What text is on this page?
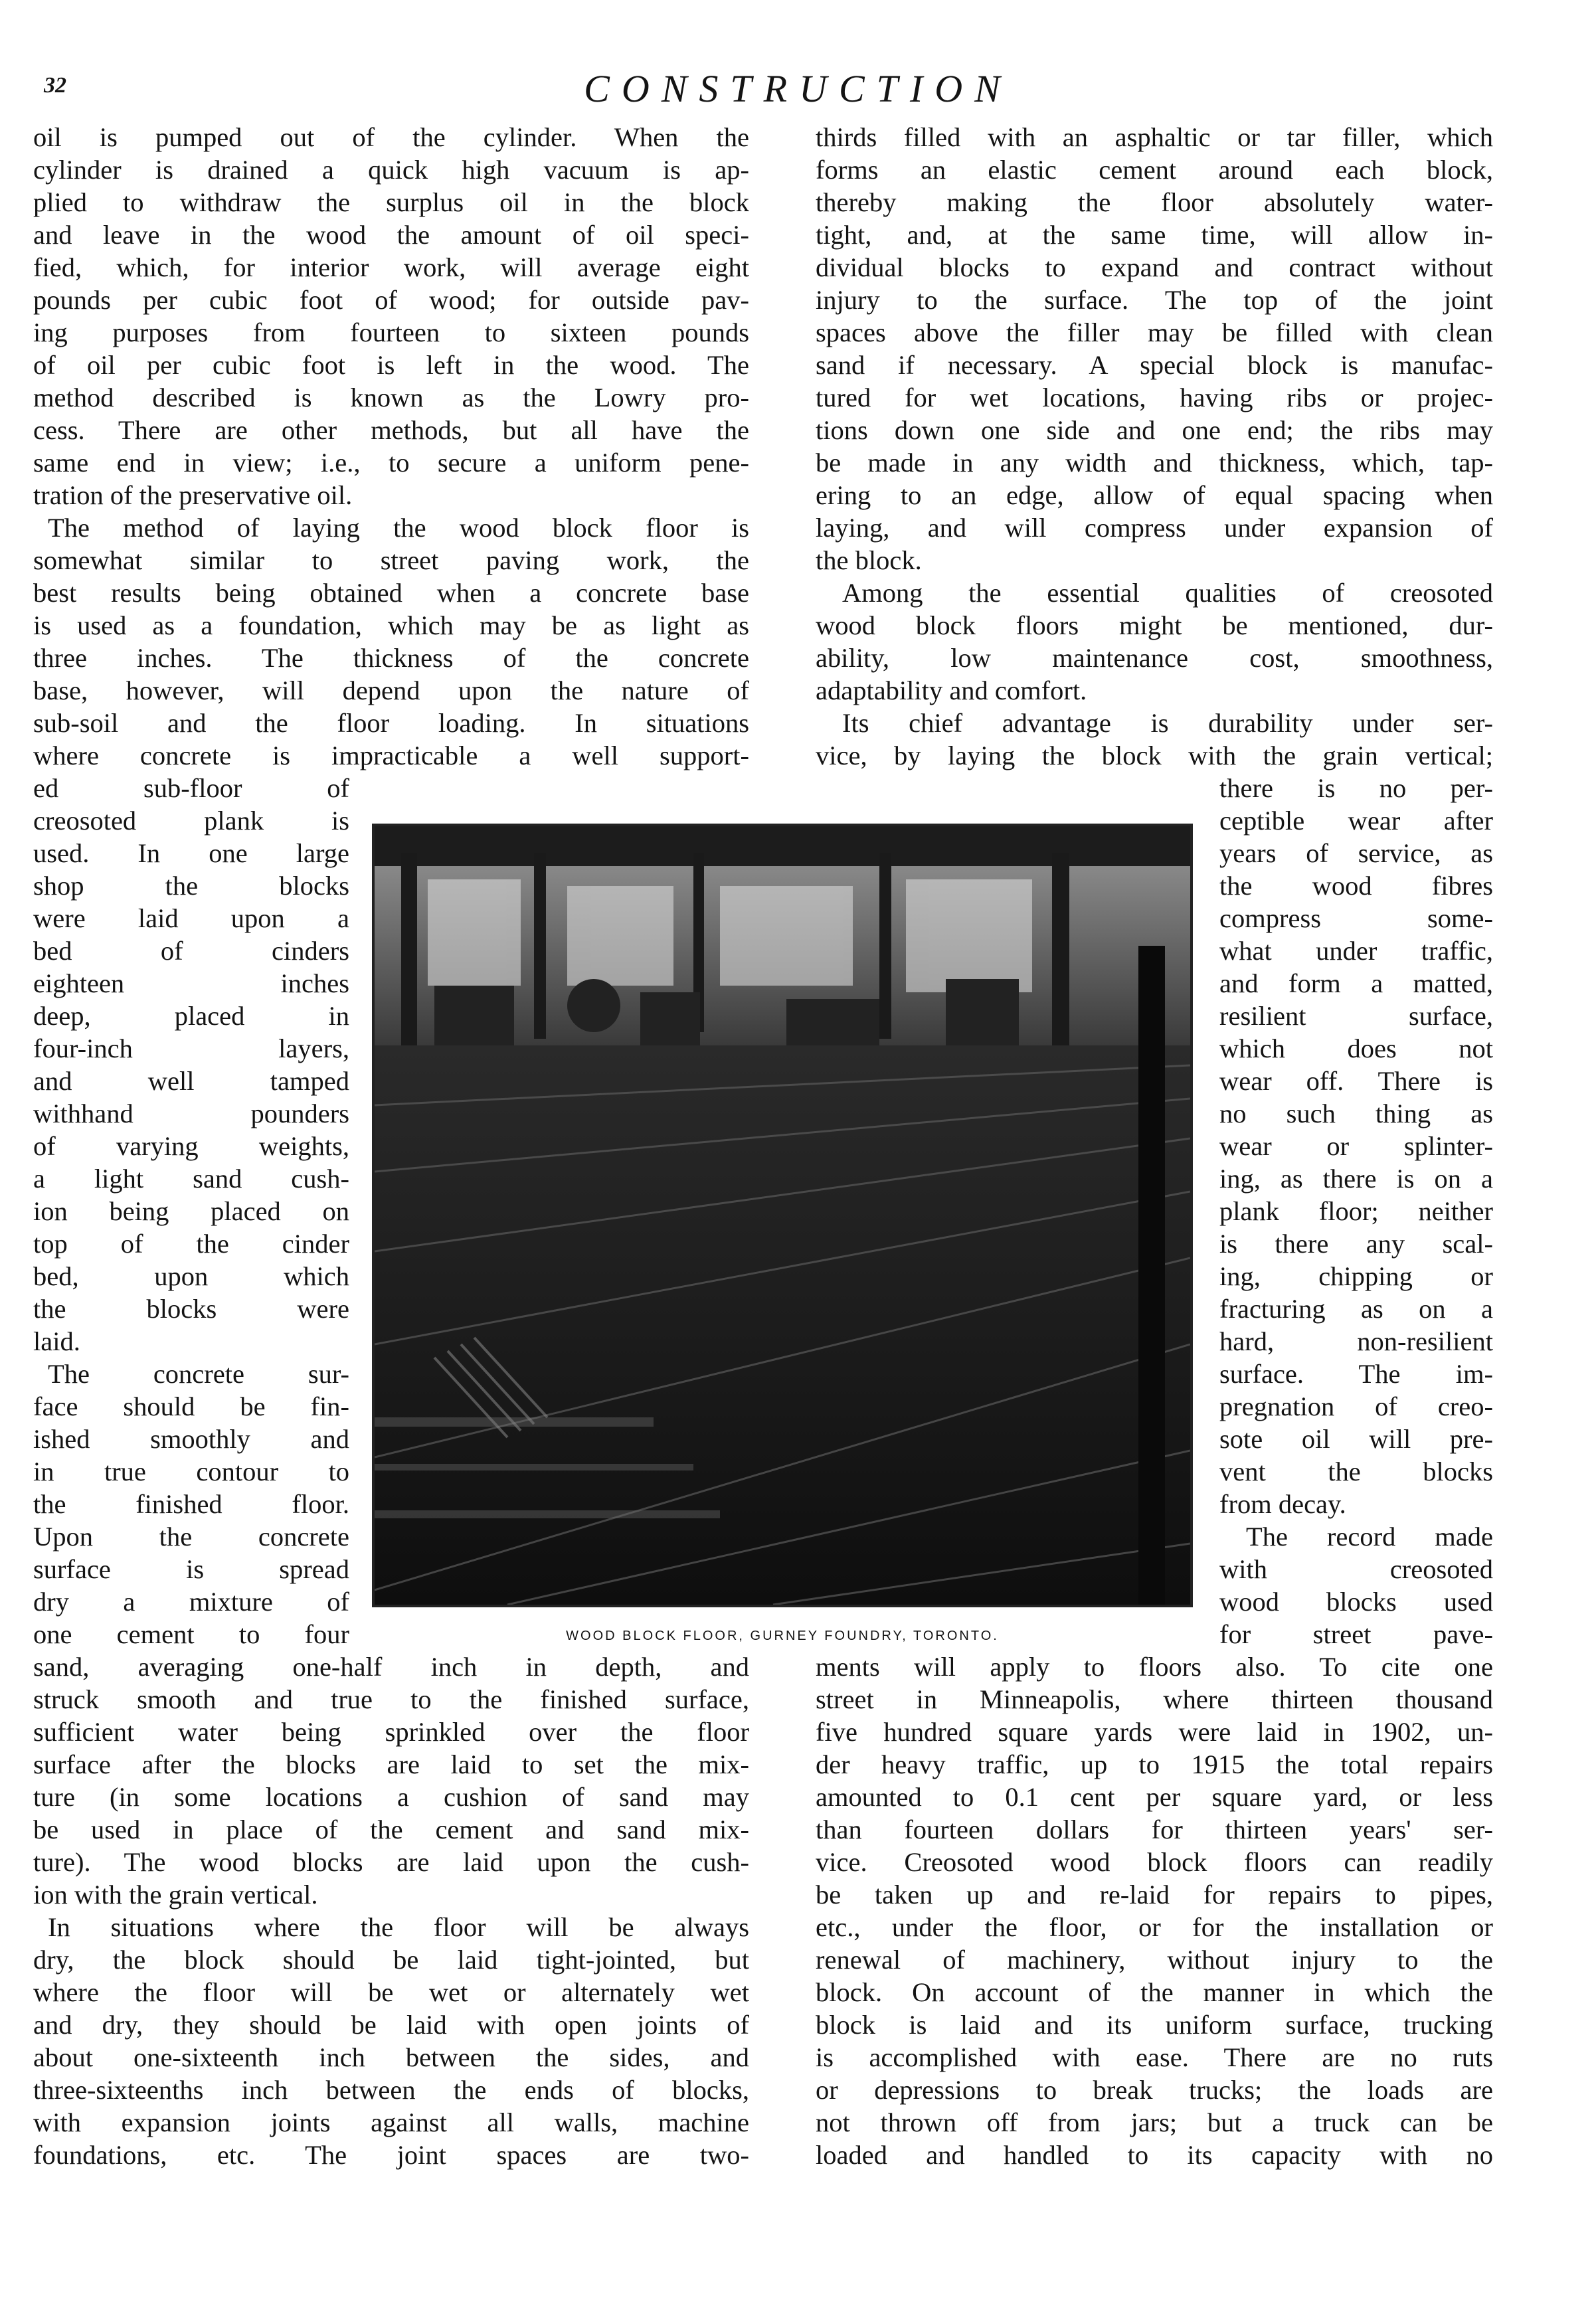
32	CONSTRUCTION
oil is pumped out of the cylinder. When the
cylinder is drained a quick high vacuum is ap-
plied to withdraw the surplus oil in the block
and leave in the wood the amount of oil speci-
fied, which, for interior work, will average eight
pounds per cubic foot of wood; for outside pav-
ing purposes from fourteen to sixteen pounds
of oil per cubic foot is left in the wood. The
method described is known as the Lowry pro-
cess. There are other methods, but all have the
same end in view; i.e., to secure a uniform pene-
tration of the preservative oil.
The method of laying the wood block floor is
somewhat similar to street paving work, the
best results being obtained when a concrete base
is used as a foundation, which may be as light as
three inches. The thickness of the concrete
base, however, will depend upon the nature of
sub-soil and the floor loading. In situations
where concrete is impracticable a well support-
ed sub-floor of
creosoted plank is
used. In one large
shop the blocks
were laid upon a
bed of cinders
eighteen inches
deep, placed in
four-inch layers,
and well tamped
withhand pounders
of varying weights,
a light sand cush-
ion being placed on
top of the cinder
bed, upon which
the blocks were
laid.
The concrete sur-
face should be fin-
ished smoothly and
in true contour to
the finished floor.
Upon the concrete
surface is spread
dry a mixture of
one cement to four
sand, averaging one-half inch in depth, and
struck smooth and true to the finished surface,
sufficient water being sprinkled over the floor
surface after the blocks are laid to set the mix-
ture (in some locations a cushion of sand may
be used in place of the cement and sand mix-
ture). The wood blocks are laid upon the cush-
ion with the grain vertical.
In situations where the floor will be always
dry, the block should be laid tight-jointed, but
where the floor will be wet or alternately wet
and dry, they should be laid with open joints of
about one-sixteenth inch between the sides, and
three-sixteenths inch between the ends of blocks,
with expansion joints against all walls, machine
foundations, etc. The joint spaces are two-
thirds filled with an asphaltic or tar filler, which
forms an elastic cement around each block,
thereby making the floor absolutely water-
tight, and, at the same time, will allow in-
dividual blocks to expand and contract without
injury to the surface. The top of the joint
spaces above the filler may be filled with clean
sand if necessary. A special block is manufac-
tured for wet locations, having ribs or projec-
tions down one side and one end; the ribs may
be made in any width and thickness, which, tap-
ering to an edge, allow of equal spacing when
laying, and will compress under expansion of
the block.
Among the essential qualities of creosoted
wood block floors might be mentioned, dur-
ability, low maintenance cost, smoothness,
adaptability and comfort.
Its chief advantage is durability under ser-
vice, by laying the block with the grain vertical;
there is no per-
ceptible wear after
years of service, as
the wood fibres
compress some-
what under traffic,
and form a matted,
resilient surface,
which does not
wear off. There is
no such thing as
wear or splinter-
ing, as there is on a
plank floor; neither
is there any scal-
ing, chipping or
fracturing as on a
hard, non-resilient
surface. The im-
pregnation of creo-
sote oil will pre-
vent the blocks
from decay.
The record made
with creosoted
wood blocks used
for street pave-
ments will apply to floors also. To cite one
street in Minneapolis, where thirteen thousand
five hundred square yards were laid in 1902, un-
der heavy traffic, up to 1915 the total repairs
amounted to 0.1 cent per square yard, or less
than fourteen dollars for thirteen years' ser-
vice. Creosoted wood block floors can readily
be taken up and re-laid for repairs to pipes,
etc., under the floor, or for the installation or
renewal of machinery, without injury to the
block. On account of the manner in which the
block is laid and its uniform surface, trucking
is accomplished with ease. There are no ruts
or depressions to break trucks; the loads are
not thrown off from jars; but a truck can be
loaded and handled to its capacity with no
WOOD BLOCK FLOOR, GURNEY FOUNDRY, TORONTO.
